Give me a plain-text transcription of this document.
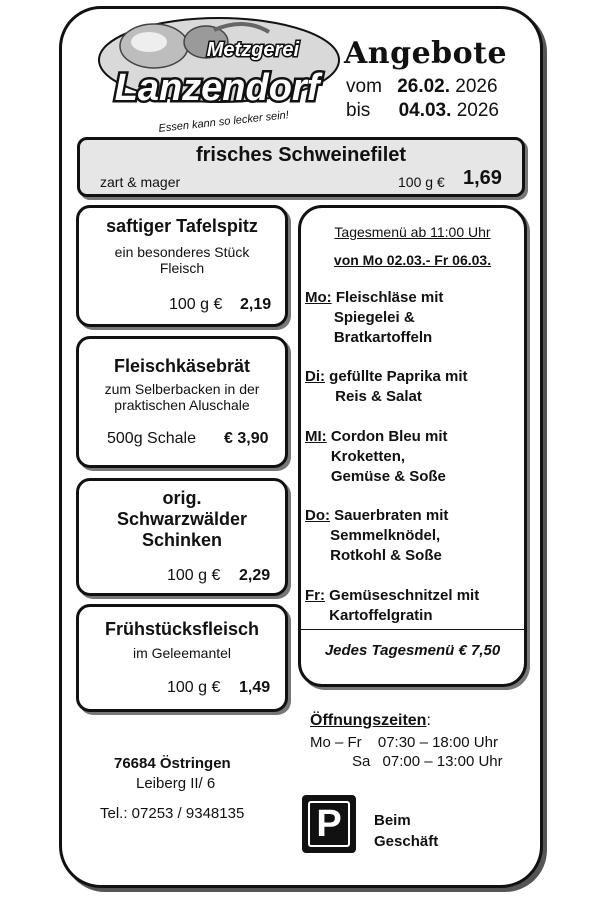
Metzgerei
Lanzendorf
Essen kann so lecker sein!
Angebote
vom 26.02. 2026
bis 04.03. 2026
frisches Schweinefilet
zart & mager	100 g € 1,69
saftiger Tafelspitz
ein besonderes Stück
Fleisch
100 g € 2,19
Fleischkäsebrät
zum Selberbacken in der
praktischen Aluschale
500g Schale € 3,90
orig.
Schwarzwälder
Schinken
100 g € 2,29
Frühstücksfleisch
im Geleemantel
100 g € 1,49
Tagesmenü ab 11:00 Uhr
von Mo 02.03.- Fr 06.03.
Mo: Fleischläse mit
Spiegelei &
Bratkartoffeln
Di: gefüllte Paprika mit
Reis & Salat
MI: Cordon Bleu mit
Kroketten,
Gemüse & Soße
Do: Sauerbraten mit
Semmelknödel,
Rotkohl & Soße
Fr: Gemüseschnitzel mit
Kartoffelgratin
Jedes Tagesmenü € 7,50
Öffnungszeiten:
Mo – Fr 07:30 – 18:00 Uhr
Sa 07:00 – 13:00 Uhr
76684 Östringen
Leiberg II/ 6
Tel.: 07253 / 9348135	P	Beim
Geschäft
